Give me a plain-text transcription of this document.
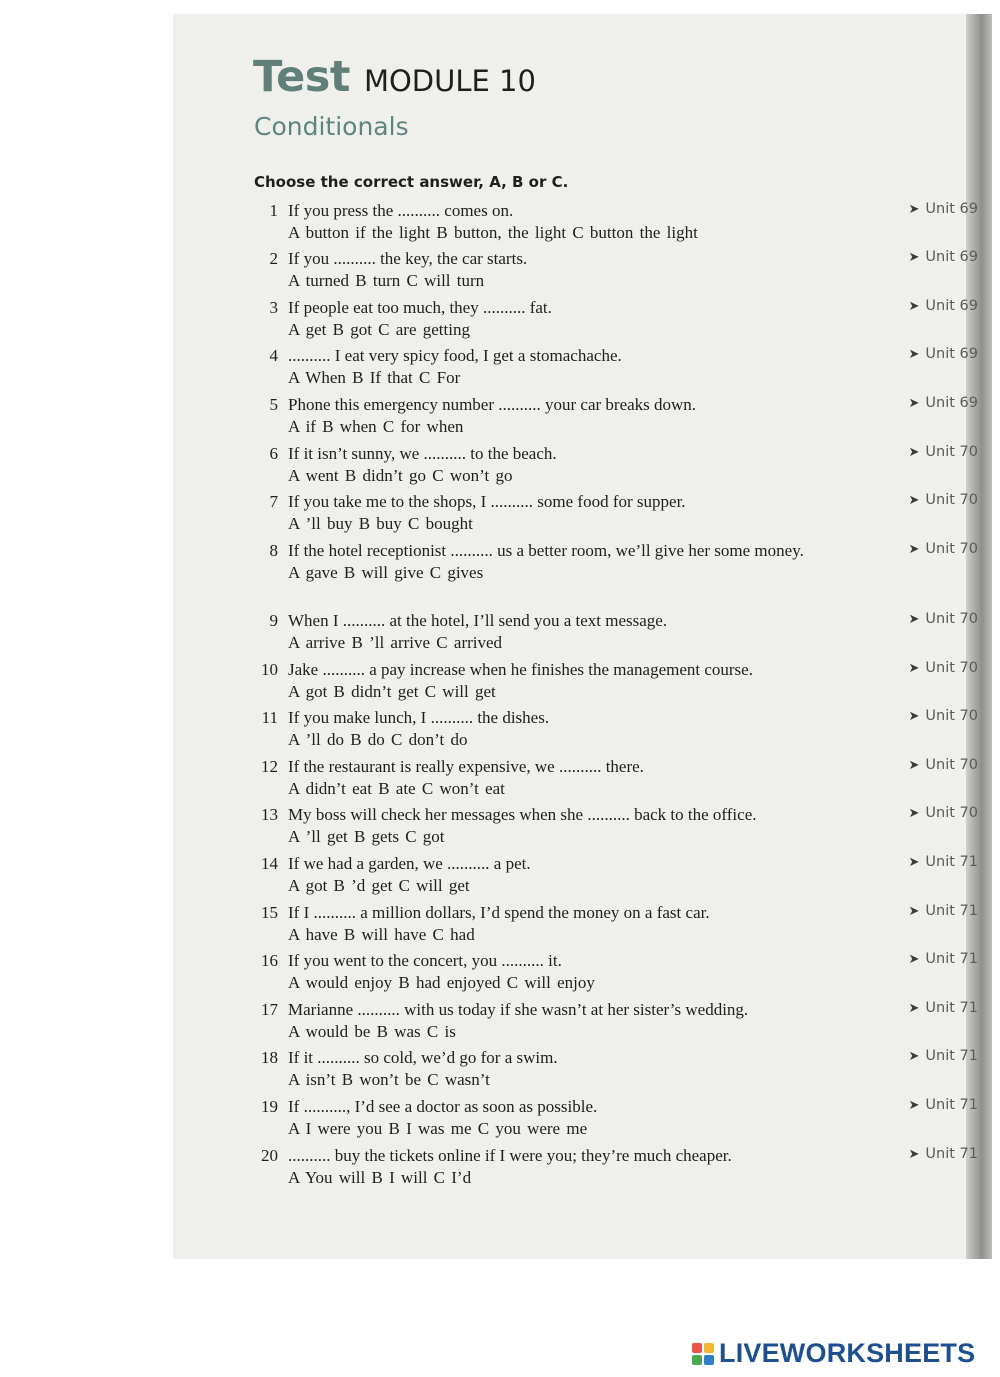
Test MODULE 10
Conditionals
Choose the correct answer, A, B or C.
1 If you press the .......... comes on.
A button if the light B button, the light C button the light
➤ Unit 69
2 If you .......... the key, the car starts.
A turned B turn C will turn
➤ Unit 69
3 If people eat too much, they .......... fat.
A get B got C are getting
➤ Unit 69
4 .......... I eat very spicy food, I get a stomachache.
A When B If that C For
➤ Unit 69
5 Phone this emergency number .......... your car breaks down.
A if B when C for when
➤ Unit 69
6 If it isn’t sunny, we .......... to the beach.
A went B didn’t go C won’t go
➤ Unit 70
7 If you take me to the shops, I .......... some food for supper.
A ’ll buy B buy C bought
➤ Unit 70
8 If the hotel receptionist .......... us a better room, we’ll give her some money.
A gave B will give C gives
➤ Unit 70
9 When I .......... at the hotel, I’ll send you a text message.
A arrive B ’ll arrive C arrived
➤ Unit 70
10 Jake .......... a pay increase when he finishes the management course.
A got B didn’t get C will get
➤ Unit 70
11 If you make lunch, I .......... the dishes.
A ’ll do B do C don’t do
➤ Unit 70
12 If the restaurant is really expensive, we .......... there.
A didn’t eat B ate C won’t eat
➤ Unit 70
13 My boss will check her messages when she .......... back to the office.
A ’ll get B gets C got
➤ Unit 70
14 If we had a garden, we .......... a pet.
A got B ’d get C will get
➤ Unit 71
15 If I .......... a million dollars, I’d spend the money on a fast car.
A have B will have C had
➤ Unit 71
16 If you went to the concert, you .......... it.
A would enjoy B had enjoyed C will enjoy
➤ Unit 71
17 Marianne .......... with us today if she wasn’t at her sister’s wedding.
A would be B was C is
➤ Unit 71
18 If it .......... so cold, we’d go for a swim.
A isn’t B won’t be C wasn’t
➤ Unit 71
19 If .........., I’d see a doctor as soon as possible.
A I were you B I was me C you were me
➤ Unit 71
20 .......... buy the tickets online if I were you; they’re much cheaper.
A You will B I will C I’d
➤ Unit 71
LIVEWORKSHEETS
